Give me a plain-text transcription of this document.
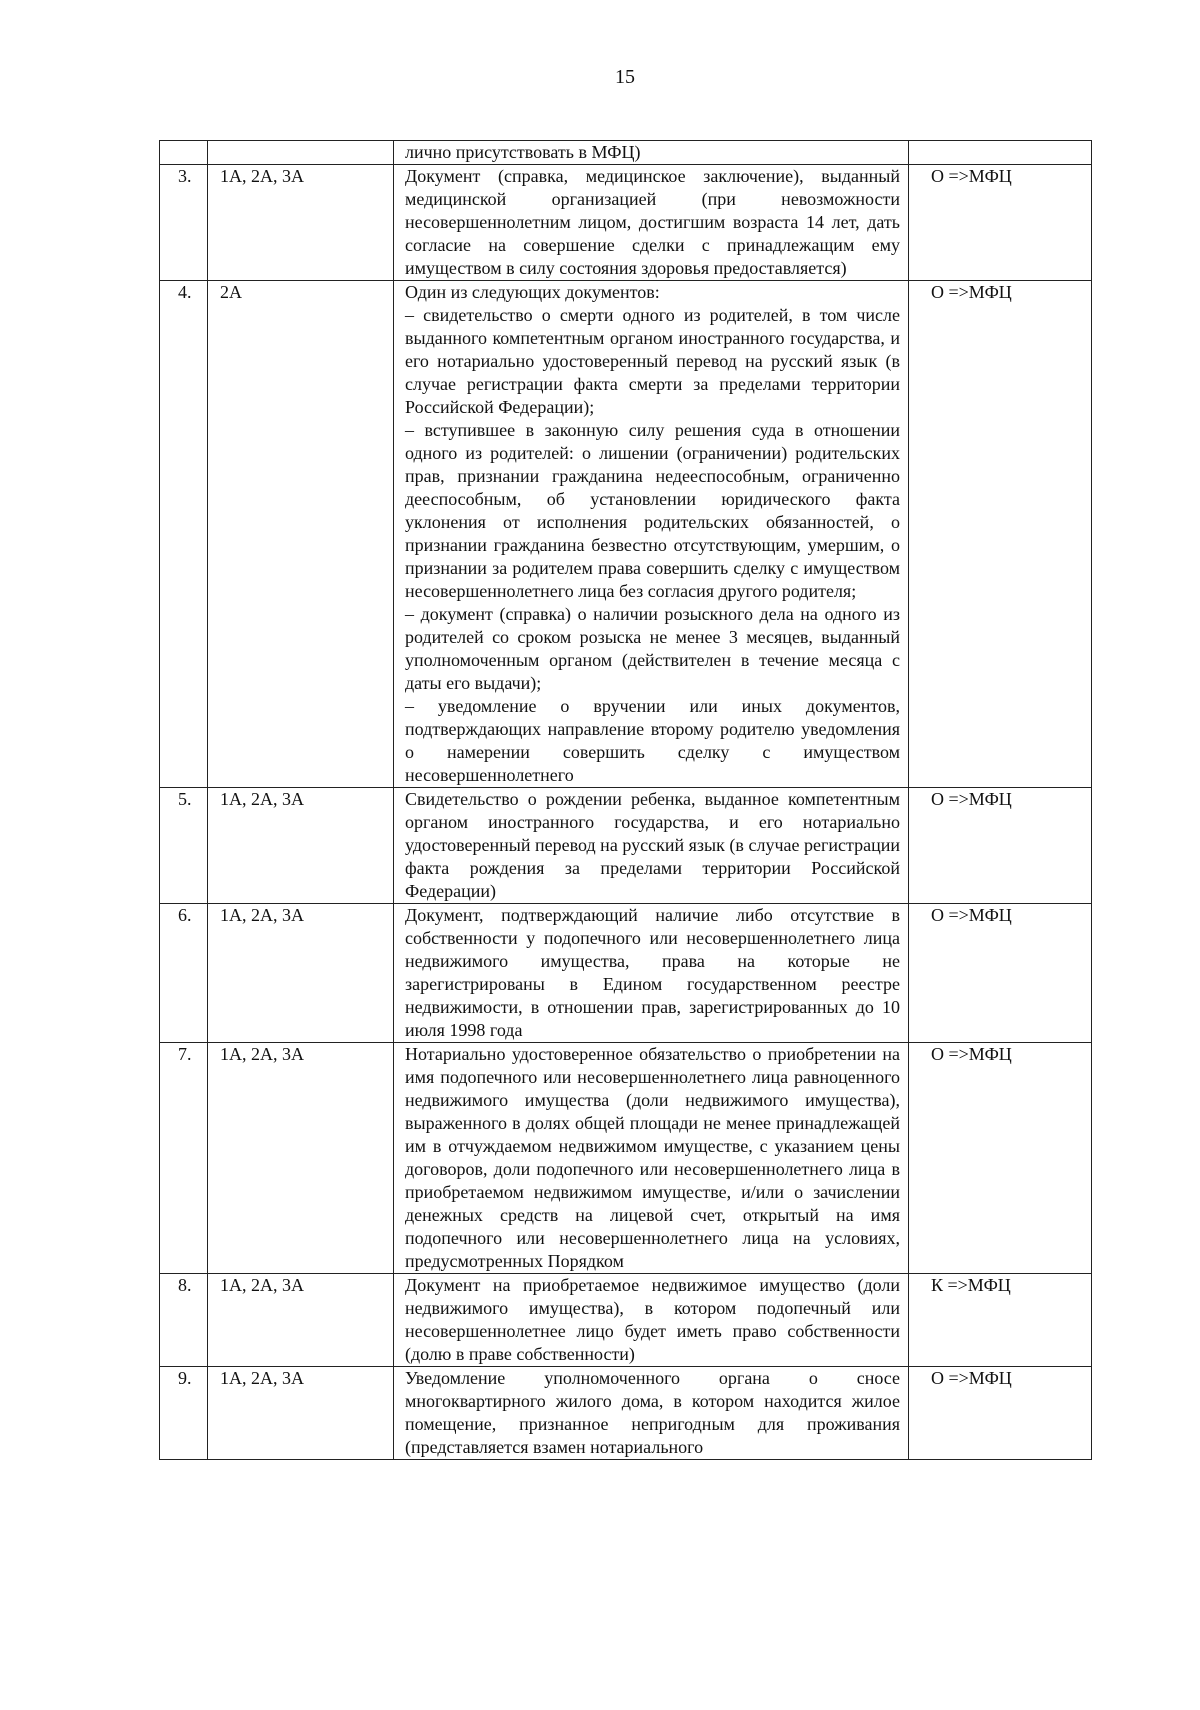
15

		лично присутствовать в МФЦ)	

3.	1А, 2А, 3А	Документ (справка, медицинское заключение), выданный медицинской организацией (при невозможности несовершеннолетним лицом, достигшим возраста 14 лет, дать согласие на совершение сделки с принадлежащим ему имуществом в силу состояния здоровья предоставляется)	О =>МФЦ
4.	2А	Один из следующих документов:
– свидетельство о смерти одного из родителей, в том числе выданного компетентным органом иностранного государства, и его нотариально удостоверенный перевод на русский язык (в случае регистрации факта смерти за пределами территории Российской Федерации);
– вступившее в законную силу решения суда в отношении одного из родителей: о лишении (ограничении) родительских прав, признании гражданина недееспособным, ограниченно дееспособным, об установлении юридического факта уклонения от исполнения родительских обязанностей, о признании гражданина безвестно отсутствующим, умершим, о признании за родителем права совершить сделку с имуществом несовершеннолетнего лица без согласия другого родителя;
– документ (справка) о наличии розыскного дела на одного из родителей со сроком розыска не менее 3 месяцев, выданный уполномоченным органом (действителен в течение месяца с даты его выдачи);
– уведомление о вручении или иных документов, подтверждающих направление второму родителю уведомления о намерении совершить сделку с имуществом несовершеннолетнего	О =>МФЦ
5.	1А, 2А, 3А	Свидетельство о рождении ребенка, выданное компетентным органом иностранного государства, и его нотариально удостоверенный перевод на русский язык (в случае регистрации факта рождения за пределами территории Российской Федерации)	О =>МФЦ
6.	1А, 2А, 3А	Документ, подтверждающий наличие либо отсутствие в собственности у подопечного или несовершеннолетнего лица недвижимого имущества, права на которые не зарегистрированы в Едином государственном реестре недвижимости, в отношении прав, зарегистрированных до 10 июля 1998 года	О =>МФЦ
7.	1А, 2А, 3А	Нотариально удостоверенное обязательство о приобретении на имя подопечного или несовершеннолетнего лица равноценного недвижимого имущества (доли недвижимого имущества), выраженного в долях общей площади не менее принадлежащей им в отчуждаемом недвижимом имуществе, с указанием цены договоров, доли подопечного или несовершеннолетнего лица в приобретаемом недвижимом имуществе, и/или о зачислении денежных средств на лицевой счет, открытый на имя подопечного или несовершеннолетнего лица на условиях, предусмотренных Порядком	О =>МФЦ
8.	1А, 2А, 3А	Документ на приобретаемое недвижимое имущество (доли недвижимого имущества), в котором подопечный или несовершеннолетнее лицо будет иметь право собственности (долю в праве собственности)	К =>МФЦ
9.	1А, 2А, 3А	Уведомление уполномоченного органа о сносе многоквартирного жилого дома, в котором находится жилое помещение, признанное непригодным для проживания (представляется взамен нотариального	О =>МФЦ
